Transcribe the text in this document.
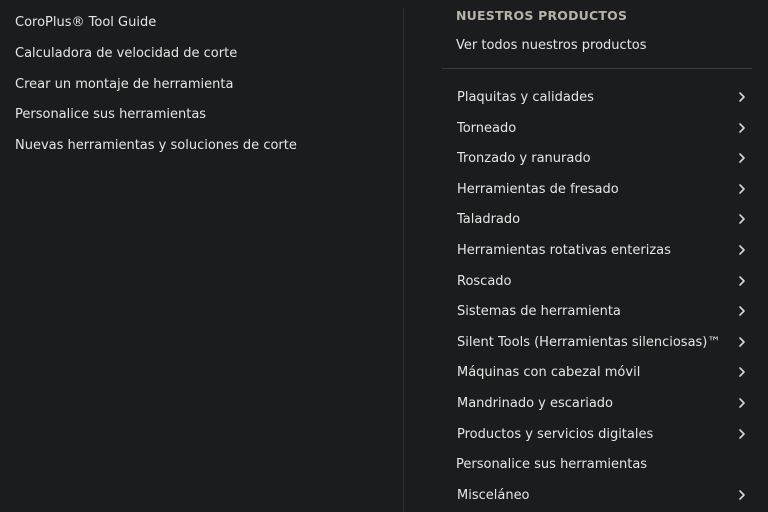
CoroPlus® Tool Guide
Calculadora de velocidad de corte
Crear un montaje de herramienta
Personalice sus herramientas
Nuevas herramientas y soluciones de corte
NUESTROS PRODUCTOS
Ver todos nuestros productos
Plaquitas y calidades
Torneado
Tronzado y ranurado
Herramientas de fresado
Taladrado
Herramientas rotativas enterizas
Roscado
Sistemas de herramienta
Silent Tools (Herramientas silenciosas)™
Máquinas con cabezal móvil
Mandrinado y escariado
Productos y servicios digitales
Personalice sus herramientas
Misceláneo
